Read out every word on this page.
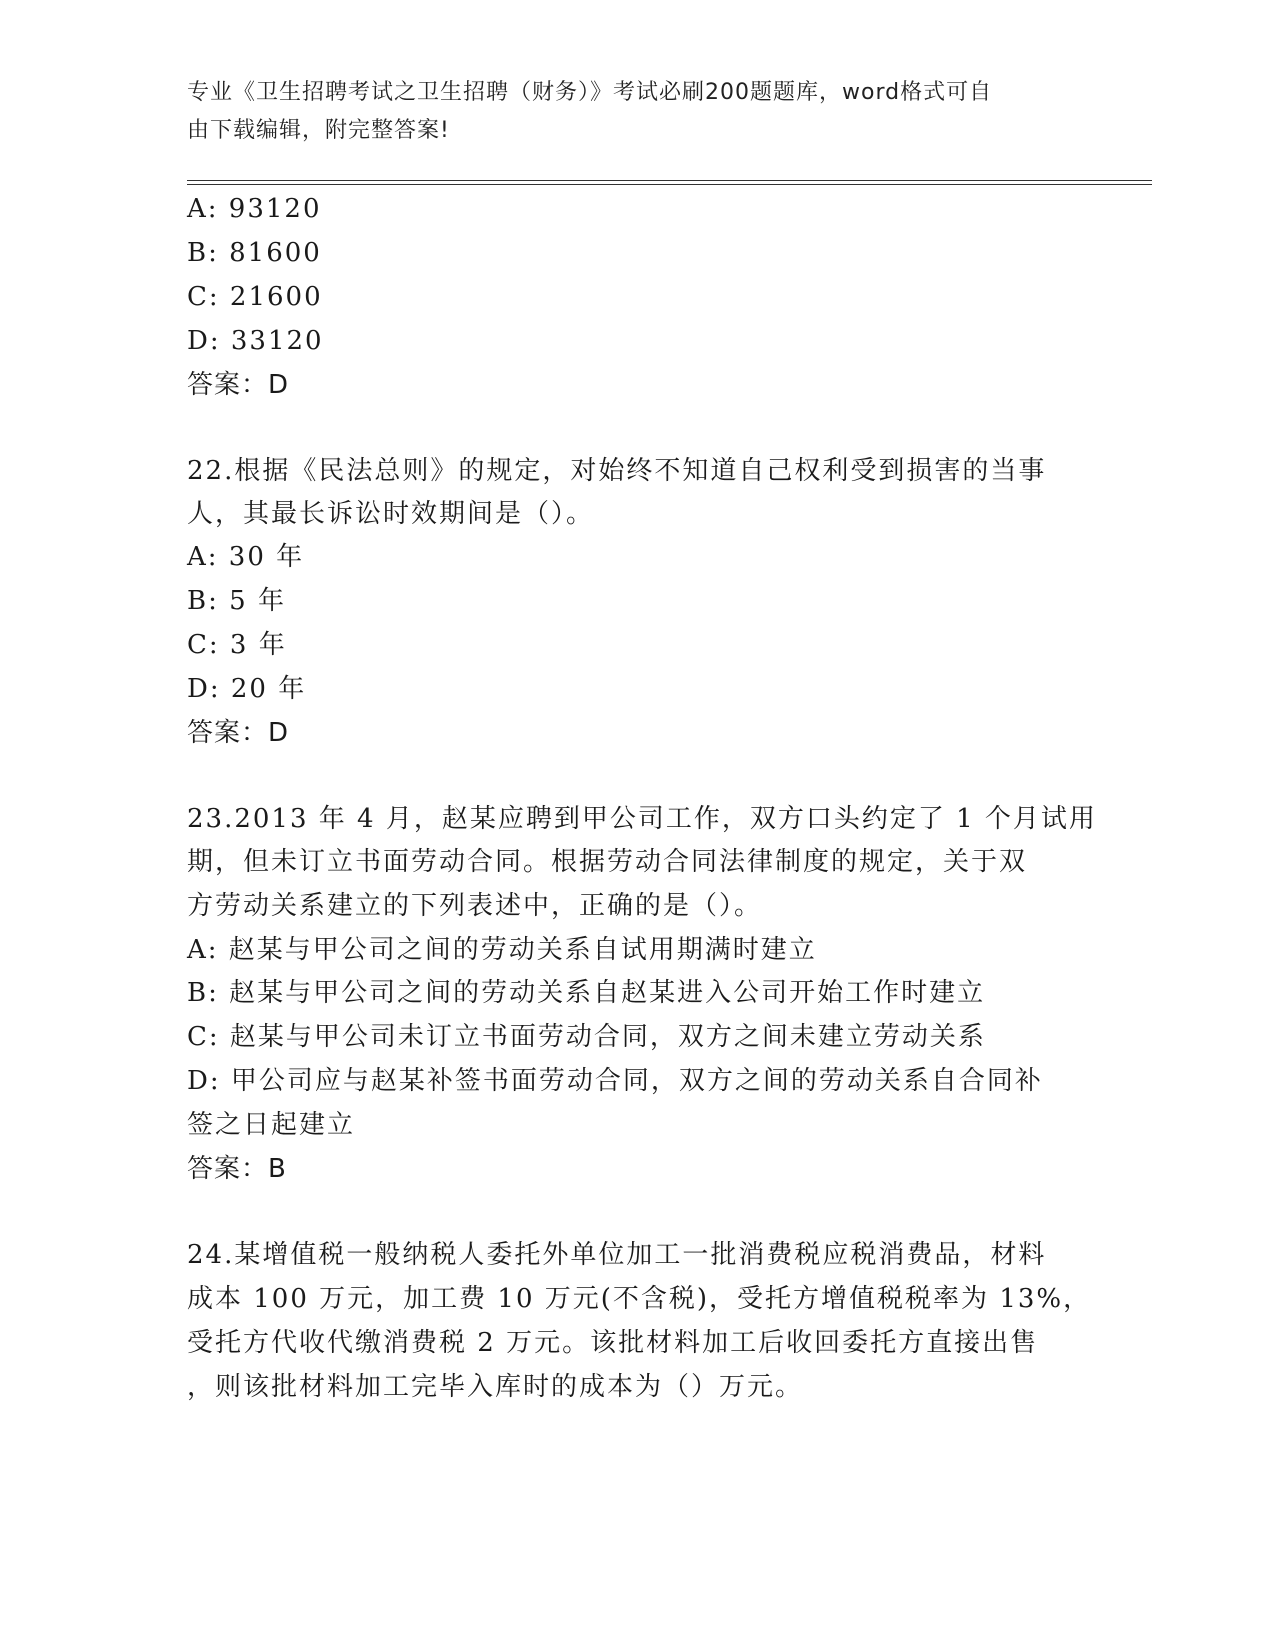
专业《卫生招聘考试之卫生招聘（财务）》考试必刷200题题库，word格式可自
由下载编辑，附完整答案!
A: 93120
B: 81600
C: 21600
D: 33120
答案：D
22.根据《民法总则》的规定，对始终不知道自己权利受到损害的当事
人，其最长诉讼时效期间是（）。
A: 30 年
B: 5 年
C: 3 年
D: 20 年
答案：D
23.2013 年 4 月，赵某应聘到甲公司工作，双方口头约定了 1 个月试用
期，但未订立书面劳动合同。根据劳动合同法律制度的规定，关于双
方劳动关系建立的下列表述中，正确的是（）。
A: 赵某与甲公司之间的劳动关系自试用期满时建立
B: 赵某与甲公司之间的劳动关系自赵某进入公司开始工作时建立
C: 赵某与甲公司未订立书面劳动合同，双方之间未建立劳动关系
D: 甲公司应与赵某补签书面劳动合同，双方之间的劳动关系自合同补
签之日起建立
答案：B
24.某增值税一般纳税人委托外单位加工一批消费税应税消费品，材料
成本 100 万元，加工费 10 万元(不含税)，受托方增值税税率为 13%，
受托方代收代缴消费税 2 万元。该批材料加工后收回委托方直接出售
，则该批材料加工完毕入库时的成本为（）万元。
